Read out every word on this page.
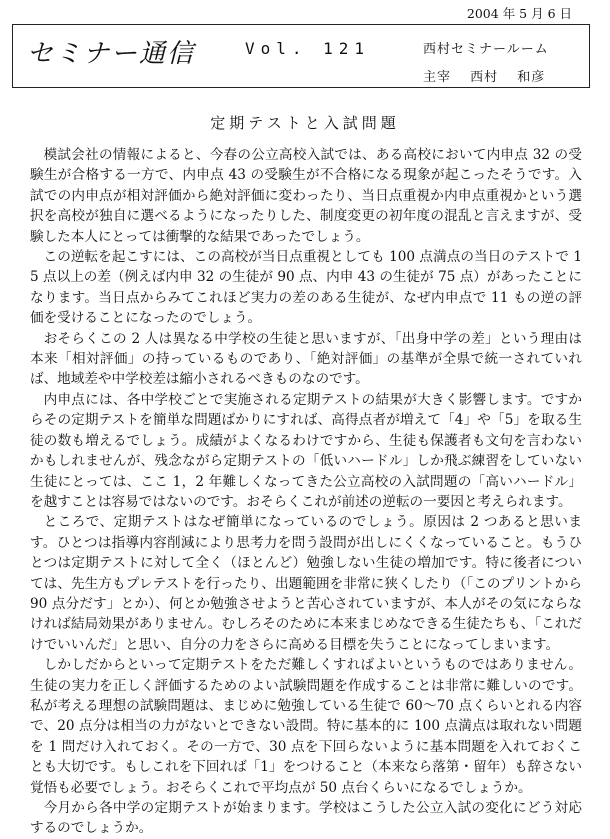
2004 年 5 月 6 日
セミナー通信	Vol. 121	西村セミナールーム
主宰　 西村　 和彦
定期テストと入試問題

模試会社の情報によると、今春の公立高校入試では、ある高校において内申点 32 の受験生が合格する一方で、内申点 43 の受験生が不合格になる現象が起こったそうです。入試での内申点が相対評価から絶対評価に変わったり、当日点重視か内申点重視かという選択を高校が独自に選べるようになったりした、制度変更の初年度の混乱と言えますが、受験した本人にとっては衝撃的な結果であったでしょう。

この逆転を起こすには、この高校が当日点重視としても 100 点満点の当日のテストで 15 点以上の差（例えば内申 32 の生徒が 90 点、内申 43 の生徒が 75 点）があったことになります。当日点からみてこれほど実力の差のある生徒が、なぜ内申点で 11 もの逆の評価を受けることになったのでしょう。

おそらくこの 2 人は異なる中学校の生徒と思いますが、「出身中学の差」という理由は本来「相対評価」の持っているものであり、「絶対評価」の基準が全県で統一されていれば、地域差や中学校差は縮小されるべきものなのです。

内申点には、各中学校ごとで実施される定期テストの結果が大きく影響します。ですからその定期テストを簡単な問題ばかりにすれば、高得点者が増えて「4」や「5」を取る生徒の数も増えるでしょう。成績がよくなるわけですから、生徒も保護者も文句を言わないかもしれませんが、残念ながら定期テストの「低いハードル」しか飛ぶ練習をしていない生徒にとっては、ここ 1，2 年難しくなってきた公立高校の入試問題の「高いハードル」を越すことは容易ではないのです。おそらくこれが前述の逆転の一要因と考えられます。

ところで、定期テストはなぜ簡単になっているのでしょう。原因は 2 つあると思います。ひとつは指導内容削減により思考力を問う設問が出しにくくなっていること。もうひとつは定期テストに対して全く（ほとんど）勉強しない生徒の増加です。特に後者については、先生方もプレテストを行ったり、出題範囲を非常に狭くしたり（「このプリントから 90 点分だす」とか）、何とか勉強させようと苦心されていますが、本人がその気にならなければ結局効果がありません。むしろそのために本来まじめなできる生徒たちも、「これだけでいいんだ」と思い、自分の力をさらに高める目標を失うことになってしまいます。

しかしだからといって定期テストをただ難しくすればよいというものではありません。生徒の実力を正しく評価するためのよい試験問題を作成することは非常に難しいのです。私が考える理想の試験問題は、まじめに勉強している生徒で 60～70 点くらいとれる内容で、20 点分は相当の力がないとできない設問。特に基本的に 100 点満点は取れない問題を 1 問だけ入れておく。その一方で、30 点を下回らないように基本問題を入れておくことも大切です。もしこれを下回れば「1」をつけること（本来なら落第・留年）も辞さない覚悟も必要でしょう。おそらくこれで平均点が 50 点台くらいになるでしょうか。

今月から各中学の定期テストが始まります。学校はこうした公立入試の変化にどう対応するのでしょうか。
